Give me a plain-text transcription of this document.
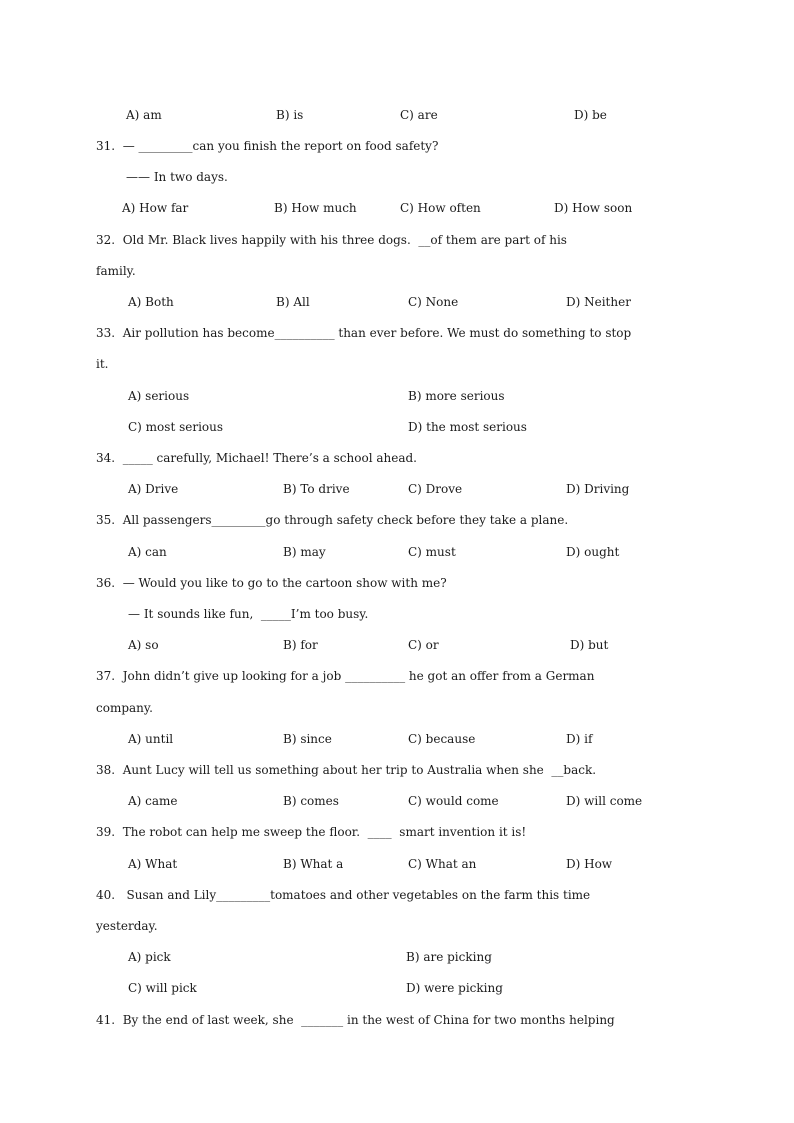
A) am	B) is	C) are	D) be
31.  — _________can you finish the report on food safety?
—— In two days.
A) How far	B) How much	C) How often	D) How soon
32.  Old Mr. Black lives happily with his three dogs.  __of them are part of his
family.
A) Both	B) All	C) None	D) Neither
33.  Air pollution has become__________ than ever before. We must do something to stop
it.
A) serious	B) more serious
C) most serious	D) the most serious
34.  _____ carefully, Michael! There’s a school ahead.
A) Drive	B) To drive	C) Drove	D) Driving
35.  All passengers_________go through safety check before they take a plane.
A) can	B) may	C) must	D) ought
36.  — Would you like to go to the cartoon show with me?
— It sounds like fun,  _____I’m too busy.
A) so	B) for	C) or	D) but
37.  John didn’t give up looking for a job __________ he got an offer from a German
company.
A) until	B) since	C) because	D) if
38.  Aunt Lucy will tell us something about her trip to Australia when she  __back.
A) came	B) comes	C) would come	D) will come
39.  The robot can help me sweep the floor.  ____  smart invention it is!
A) What	B) What a	C) What an	D) How
40.   Susan and Lily_________tomatoes and other vegetables on the farm this time
yesterday.
A) pick	B) are picking
C) will pick	D) were picking
41.  By the end of last week, she  _______ in the west of China for two months helping
